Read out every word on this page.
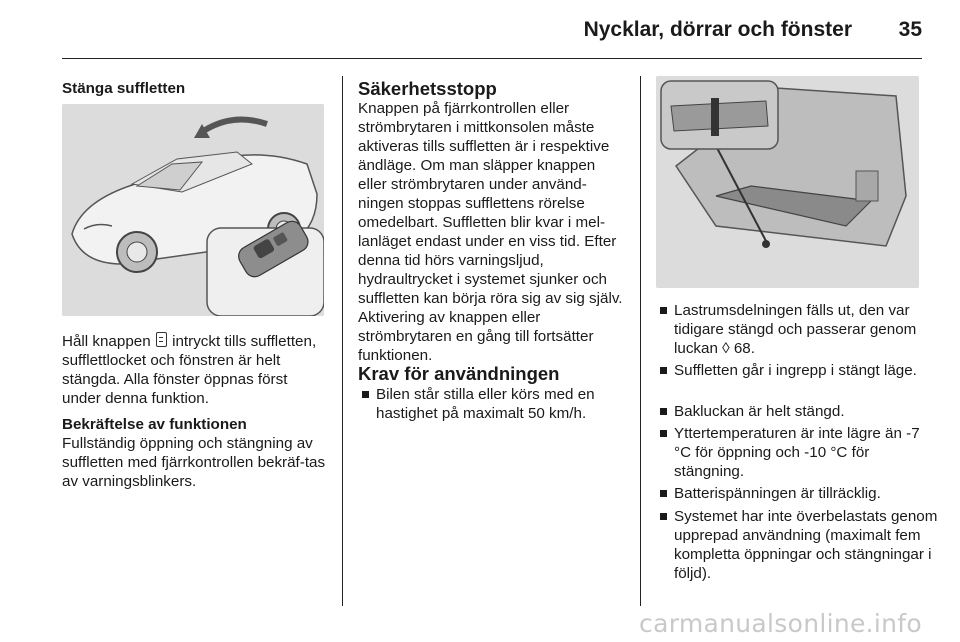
Nycklar, dörrar och fönster 35

Stänga suffletten

Håll knappen  intryckt tills suffletten, sufflettlocket och fönstren är helt stängda. Alla fönster öppnas först under denna funktion.

Bekräftelse av funktionen

Fullständig öppning och stängning av suffletten med fjärrkontrollen bekräf-tas av varningsblinkers.

Säkerhetsstopp

Knappen på fjärrkontrollen eller strömbrytaren i mittkonsolen måste aktiveras tills suffletten är i respektive ändläge. Om man släpper knappen eller strömbrytaren under använd-ningen stoppas sufflettens rörelse omedelbart. Suffletten blir kvar i mel-lanläget endast under en viss tid. Efter denna tid hörs varningsljud, hydraultrycket i systemet sjunker och suffletten kan börja röra sig av sig själv. Aktivering av knappen eller strömbrytaren en gång till fortsätter funktionen.

Krav för användningen

Bilen står stilla eller körs med en hastighet på maximalt 50 km/h.

Lastrumsdelningen fälls ut, den var tidigare stängd och passerar genom luckan ◊ 68.

Suffletten går i ingrepp i stängt läge.

Bakluckan är helt stängd.

Yttertemperaturen är inte lägre än -7 °C för öppning och -10 °C för stängning.

Batterispänningen är tillräcklig.

Systemet har inte överbelastats genom upprepad användning (maximalt fem kompletta öppningar och stängningar i följd).

carmanualsonline.info
